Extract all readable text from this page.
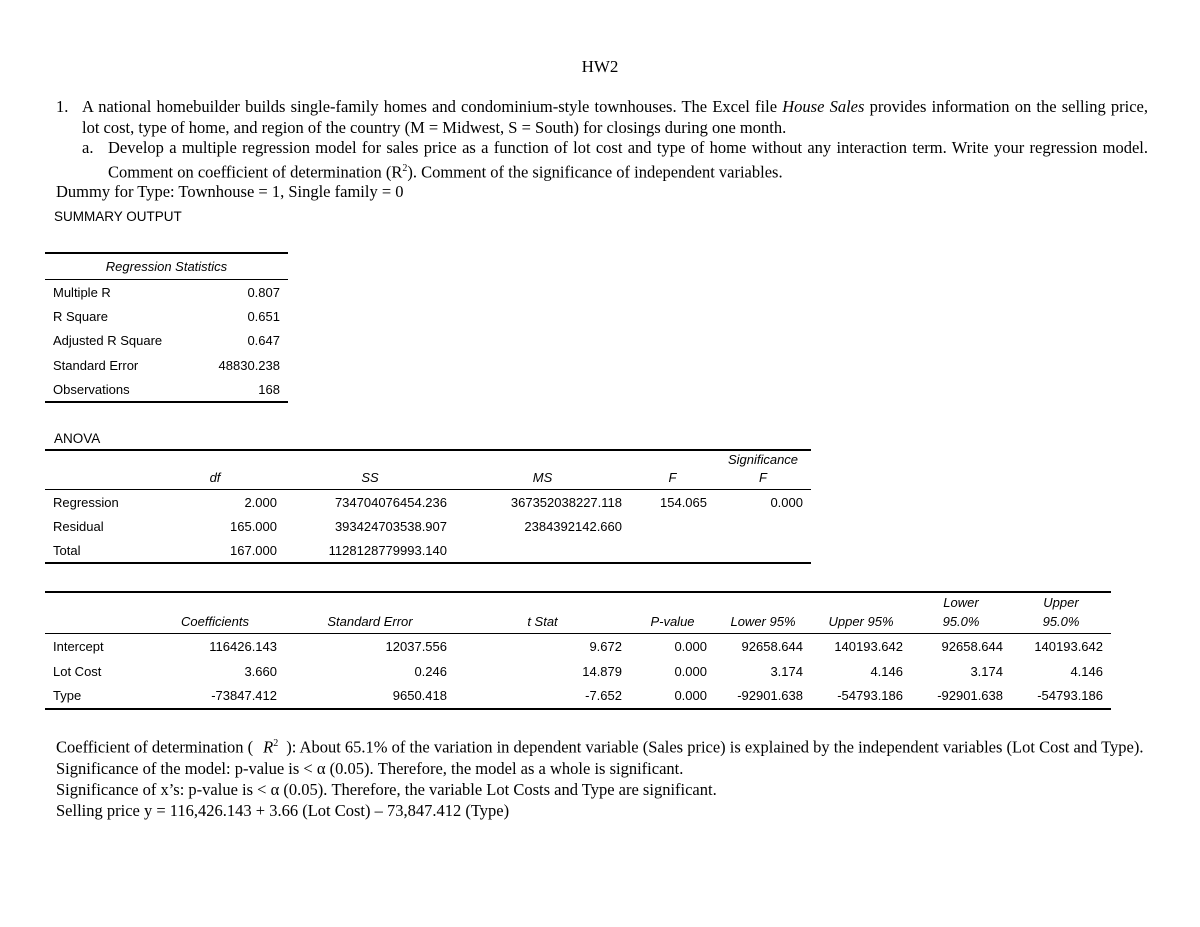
HW2
1. A national homebuilder builds single-family homes and condominium-style townhouses. The Excel file House Sales provides information on the selling price, lot cost, type of home, and region of the country (M = Midwest, S = South) for closings during one month.
a. Develop a multiple regression model for sales price as a function of lot cost and type of home without any interaction term. Write your regression model. Comment on coefficient of determination $(R^2)$. Comment of the significance of independent variables.
Dummy for Type: Townhouse = 1, Single family = 0
SUMMARY OUTPUT
Regression Statistics	
Multiple R	0.807
R Square	0.651
Adjusted R Square	0.647
Standard Error	48830.238
Observations	168
ANOVA
	df	SS	MS	F	Significance
F
Regression	2.000	734704076454.236	367352038227.118	154.065	0.000
Residual	165.000	393424703538.907	2384392142.660		
Total	167.000	1128128779993.140			
	Coefficients	Standard Error	t Stat	P-value	Lower 95%	Upper 95%	Lower
95.0%	Upper
95.0%
Intercept	116426.143	12037.556	9.672	0.000	92658.644	140193.642	92658.644	140193.642
Lot Cost	3.660	0.246	14.879	0.000	3.174	4.146	3.174	4.146
Type	-73847.412	9650.418	-7.652	0.000	-92901.638	-54793.186	-92901.638	-54793.186

Coefficient of determination ( $R^2$ ): About 65.1% of the variation in dependent variable (Sales price) is explained by the independent variables (Lot Cost and Type).

Significance of the model: p-value is < α (0.05). Therefore, the model as a whole is significant.

Significance of x’s: p-value is < α (0.05). Therefore, the variable Lot Costs and Type are significant.

Selling price y = 116,426.143 + 3.66 (Lot Cost) – 73,847.412 (Type)
